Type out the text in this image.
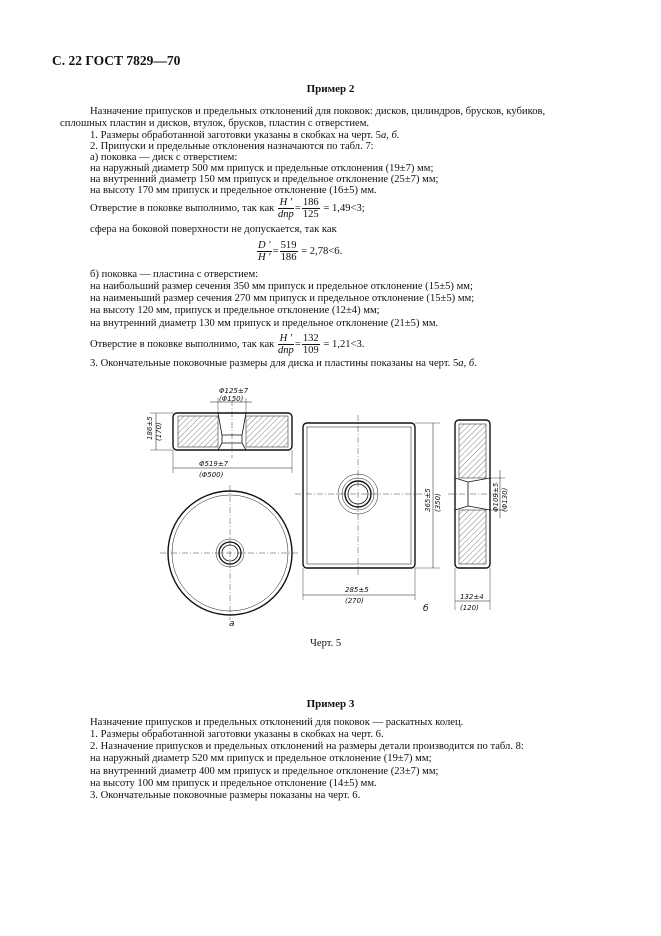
С. 22 ГОСТ 7829—70
Пример 2
Назначение припусков и предельных отклонений для поковок: дисков, цилиндров, брусков, кубиков,
сплошных пластин и дисков, втулок, брусков, пластин с отверстием.
1. Размеры обработанной заготовки указаны в скобках на черт. 5а, б.
2. Припуски и предельные отклонения назначаются по табл. 7:
а) поковка — диск с отверстием:
на наружный диаметр 500 мм припуск и предельные отклонения (19±7) мм;
на внутренний диаметр 150 мм припуск и предельное отклонение (25±7) мм;
на высоту 170 мм припуск и предельное отклонение (16±5) мм.
Отверстие в поковке выполнимо, так как $\frac{H '}{\text{dпр}} = \frac{186}{125} = 1,49<3$;
сфера на боковой поверхности не допускается, так как
$\frac{D '}{H '} = \frac{519}{186} = 2,78<6$.
б) поковка — пластина с отверстием:
на наибольший размер сечения 350 мм припуск и предельное отклонение (15±5) мм;
на наименьший размер сечения 270 мм припуск и предельное отклонение (15±5) мм;
на высоту 120 мм, припуск и предельное отклонение (12±4) мм;
на внутренний диаметр 130 мм припуск и предельное отклонение (21±5) мм.
Отверстие в поковке выполнимо, так как $\frac{H '}{\text{dпр}} = \frac{132}{109} = 1,21<3$.
3. Окончательные поковочные размеры для диска и пластины показаны на черт. 5а, б.
Φ125±7
(Φ150)
186±5 (170)
Φ519±7
(Φ500)
365±5 (350)
285±5
(270)	132±4
(120)
Φ109±5 (Φ130)
а
б
Черт. 5
Пример 3
Назначение припусков и предельных отклонений для поковок — раскатных колец.
1. Размеры обработанной заготовки указаны в скобках на черт. 6.
2. Назначение припусков и предельных отклонений на размеры детали производится по табл. 8:
на наружный диаметр 520 мм припуск и предельное отклонение (19±7) мм;
на внутренний диаметр 400 мм припуск и предельное отклонение (23±7) мм;
на высоту 100 мм припуск и предельное отклонение (14±5) мм.
3. Окончательные поковочные размеры показаны на черт. 6.
